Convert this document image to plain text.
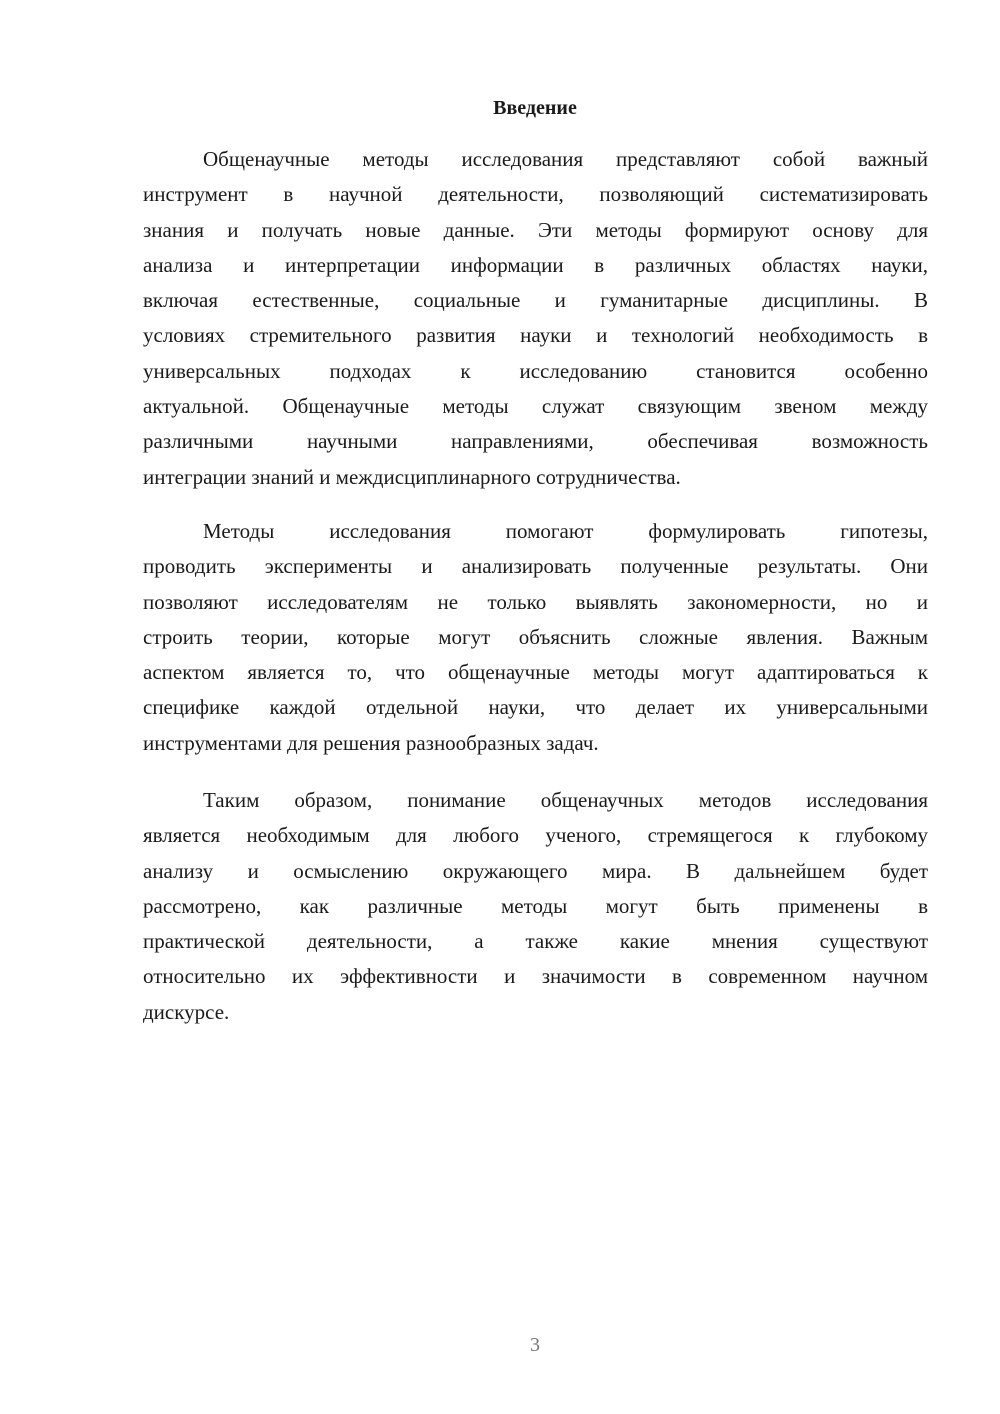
Введение
Общенаучные методы исследования представляют собой важный
инструмент в научной деятельности, позволяющий систематизировать
знания и получать новые данные. Эти методы формируют основу для
анализа и интерпретации информации в различных областях науки,
включая естественные, социальные и гуманитарные дисциплины. В
условиях стремительного развития науки и технологий необходимость в
универсальных подходах к исследованию становится особенно
актуальной. Общенаучные методы служат связующим звеном между
различными научными направлениями, обеспечивая возможность
интеграции знаний и междисциплинарного сотрудничества.
Методы исследования помогают формулировать гипотезы,
проводить эксперименты и анализировать полученные результаты. Они
позволяют исследователям не только выявлять закономерности, но и
строить теории, которые могут объяснить сложные явления. Важным
аспектом является то, что общенаучные методы могут адаптироваться к
специфике каждой отдельной науки, что делает их универсальными
инструментами для решения разнообразных задач.
Таким образом, понимание общенаучных методов исследования
является необходимым для любого ученого, стремящегося к глубокому
анализу и осмыслению окружающего мира. В дальнейшем будет
рассмотрено, как различные методы могут быть применены в
практической деятельности, а также какие мнения существуют
относительно их эффективности и значимости в современном научном
дискурсе.
3
